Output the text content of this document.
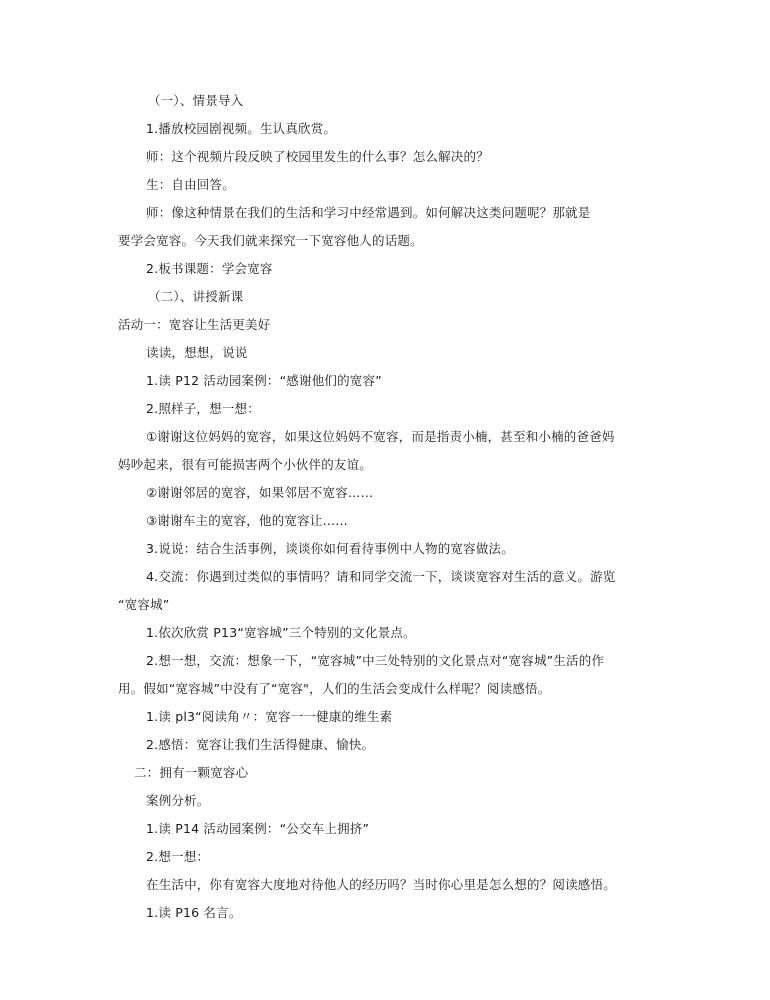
（一）、情景导入
1.播放校园剧视频。生认真欣赏。
师：这个视频片段反映了校园里发生的什么事？怎么解决的？
生：自由回答。
师：像这种情景在我们的生活和学习中经常遇到。如何解决这类问题呢？那就是
要学会宽容。今天我们就来探究一下宽容他人的话题。
2.板书课题：学会宽容
（二）、讲授新课
活动一：宽容让生活更美好
读读，想想，说说
1.读 P12 活动园案例：“感谢他们的宽容”
2.照样子，想一想：
①谢谢这位妈妈的宽容，如果这位妈妈不宽容，而是指责小楠，甚至和小楠的爸爸妈
妈吵起来，很有可能损害两个小伙伴的友谊。
②谢谢邻居的宽容，如果邻居不宽容……
③谢谢车主的宽容，他的宽容让……
3.说说：结合生活事例，谈谈你如何看待事例中人物的宽容做法。
4.交流：你遇到过类似的事情吗？请和同学交流一下，谈谈宽容对生活的意义。游览
“宽容城”
1.依次欣赏 P13“宽容城”三个特别的文化景点。
2.想一想，交流：想象一下，“宽容城”中三处特别的文化景点对“宽容城”生活的作
用。假如“宽容城”中没有了“宽容"，人们的生活会变成什么样呢？阅读感悟。
1.读 pl3“阅读角〃：宽容一一健康的维生素
2.感悟：宽容让我们生活得健康、愉快。
二：拥有一颗宽容心
案例分析。
1.读 P14 活动园案例：“公交车上拥挤”
2.想一想：
在生活中，你有宽容大度地对待他人的经历吗？当时你心里是怎么想的？阅读感悟。
1.读 P16 名言。
